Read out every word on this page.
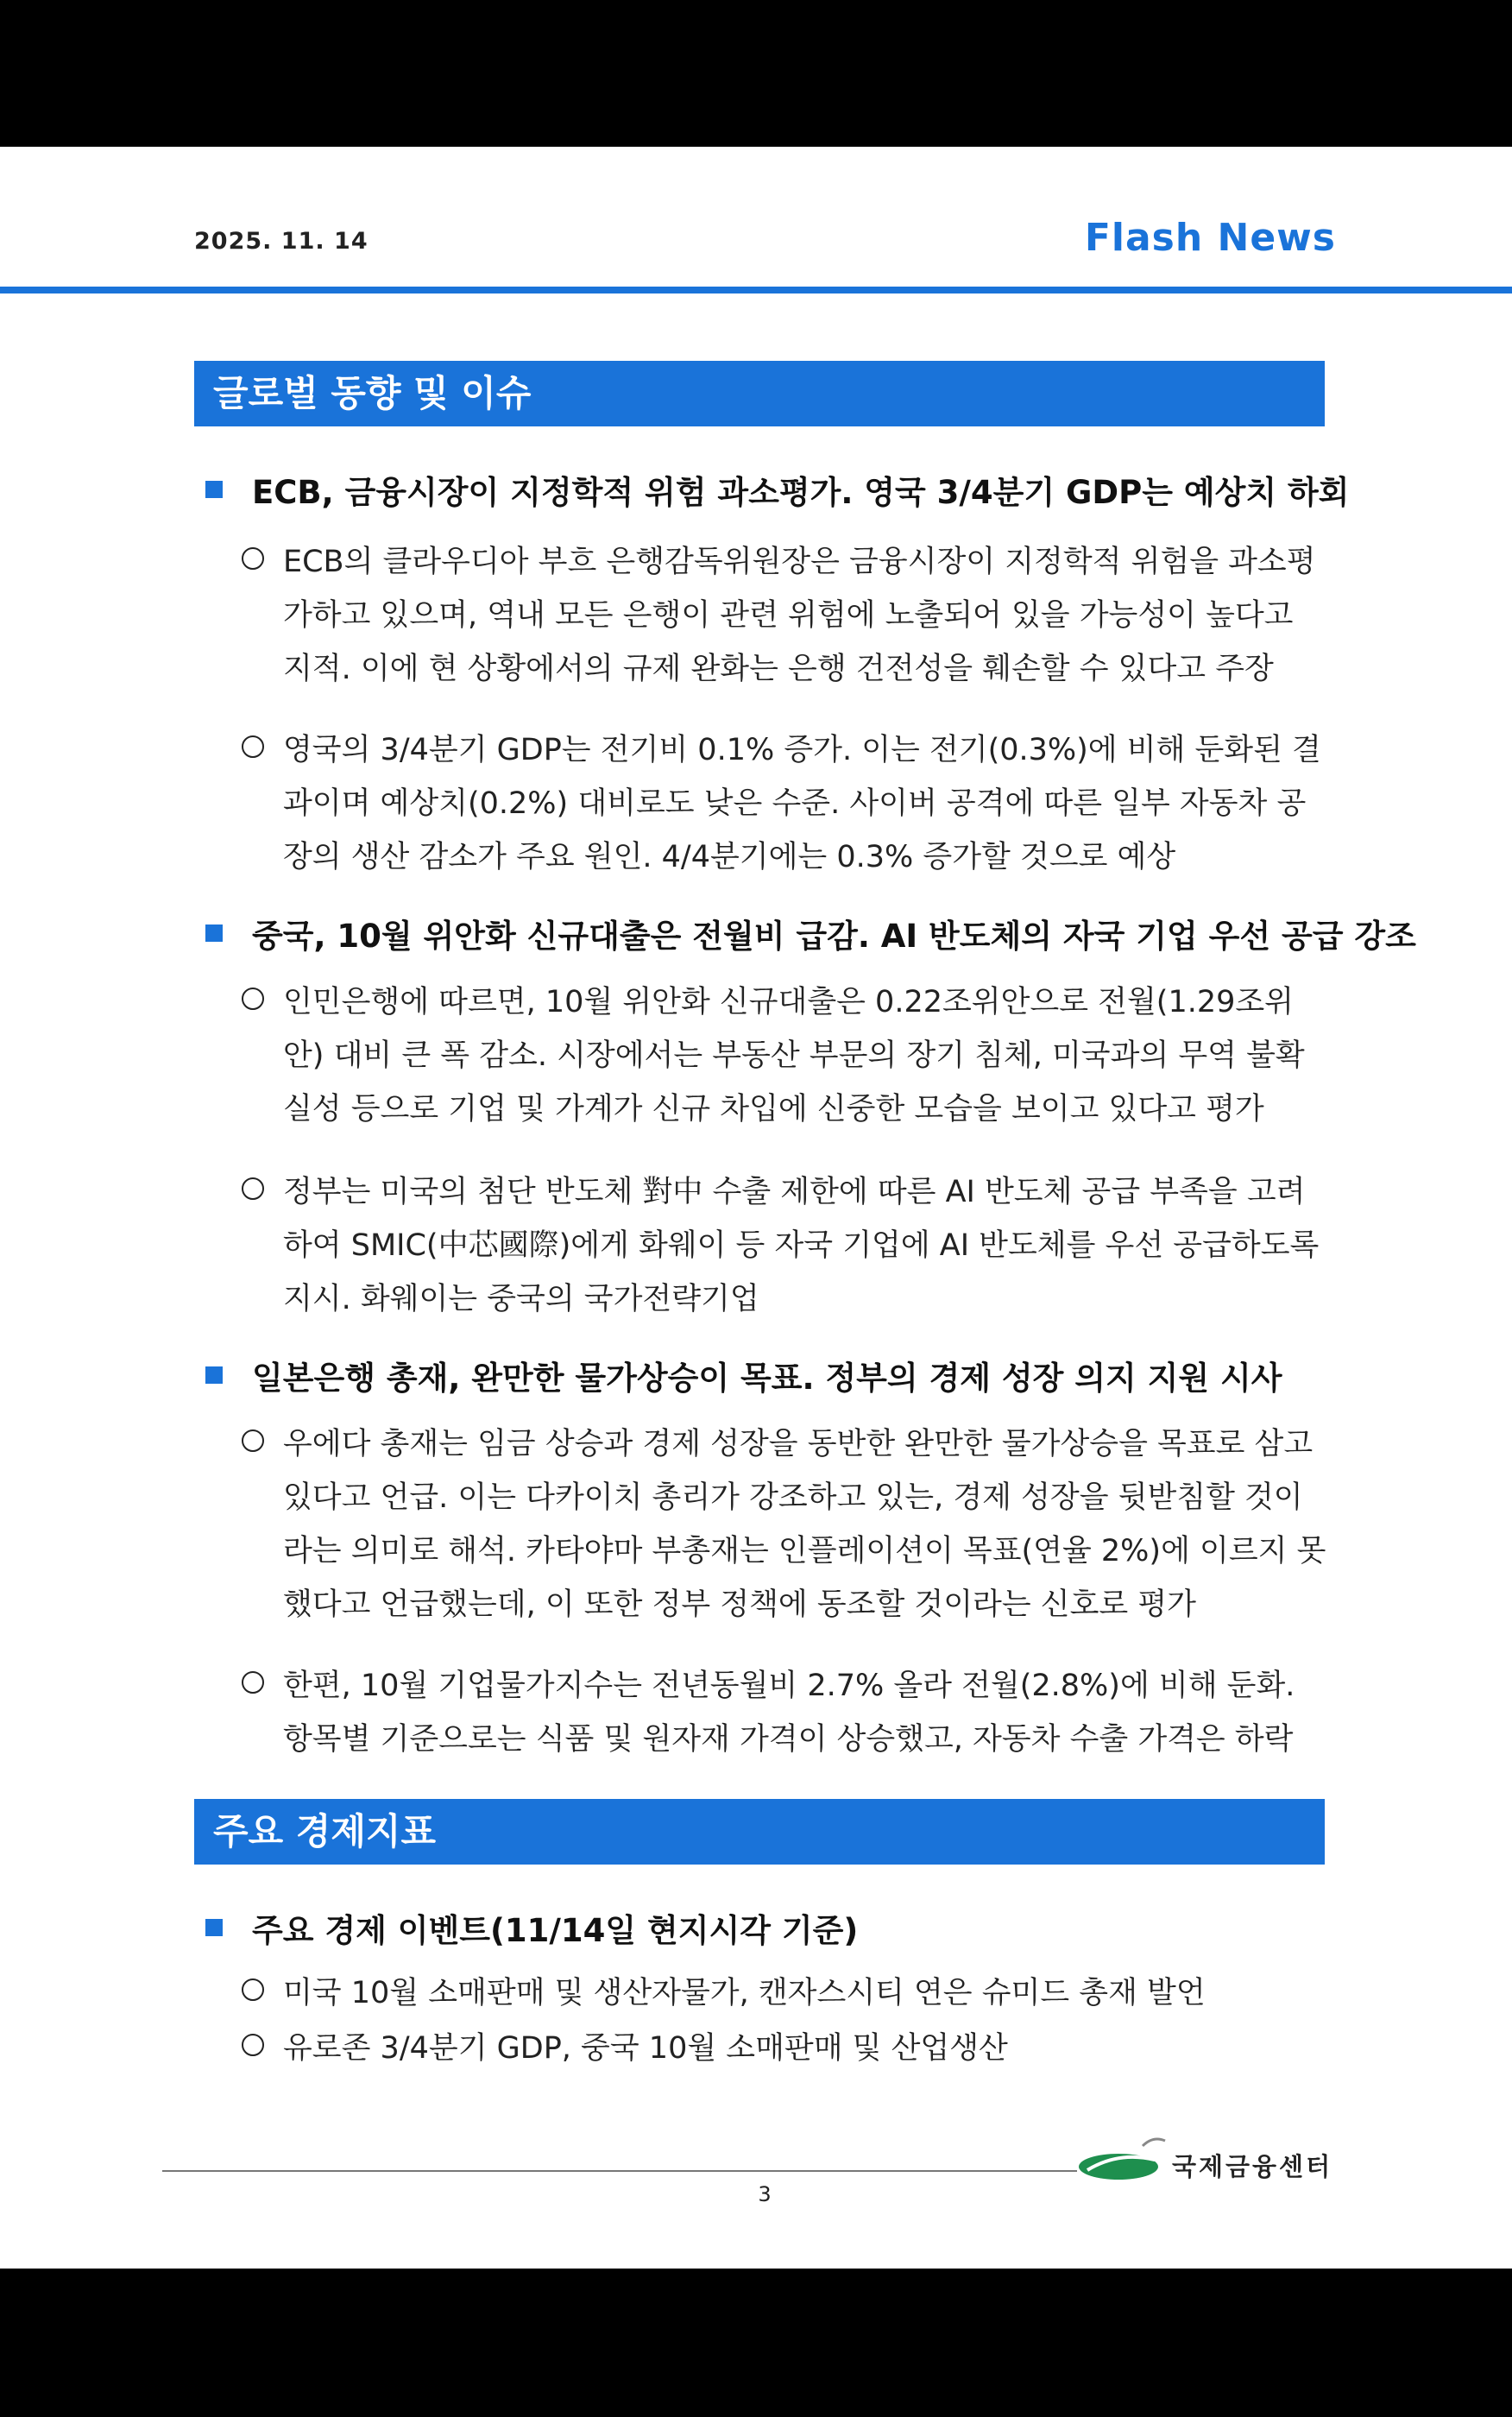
2025. 11. 14	Flash News
글로벌 동향 및 이슈
ECB, 금융시장이 지정학적 위험 과소평가. 영국 3/4분기 GDP는 예상치 하회
ECB의 클라우디아 부흐 은행감독위원장은 금융시장이 지정학적 위험을 과소평가하고 있으며, 역내 모든 은행이 관련 위험에 노출되어 있을 가능성이 높다고 지적. 이에 현 상황에서의 규제 완화는 은행 건전성을 훼손할 수 있다고 주장
영국의 3/4분기 GDP는 전기비 0.1% 증가. 이는 전기(0.3%)에 비해 둔화된 결과이며 예상치(0.2%) 대비로도 낮은 수준. 사이버 공격에 따른 일부 자동차 공장의 생산 감소가 주요 원인. 4/4분기에는 0.3% 증가할 것으로 예상
중국, 10월 위안화 신규대출은 전월비 급감. AI 반도체의 자국 기업 우선 공급 강조
인민은행에 따르면, 10월 위안화 신규대출은 0.22조위안으로 전월(1.29조위안) 대비 큰 폭 감소. 시장에서는 부동산 부문의 장기 침체, 미국과의 무역 불확실성 등으로 기업 및 가계가 신규 차입에 신중한 모습을 보이고 있다고 평가
정부는 미국의 첨단 반도체 對中 수출 제한에 따른 AI 반도체 공급 부족을 고려하여 SMIC(中芯國際)에게 화웨이 등 자국 기업에 AI 반도체를 우선 공급하도록 지시. 화웨이는 중국의 국가전략기업
일본은행 총재, 완만한 물가상승이 목표. 정부의 경제 성장 의지 지원 시사
우에다 총재는 임금 상승과 경제 성장을 동반한 완만한 물가상승을 목표로 삼고 있다고 언급. 이는 다카이치 총리가 강조하고 있는, 경제 성장을 뒷받침할 것이라는 의미로 해석. 카타야마 부총재는 인플레이션이 목표(연율 2%)에 이르지 못했다고 언급했는데, 이 또한 정부 정책에 동조할 것이라는 신호로 평가
한편, 10월 기업물가지수는 전년동월비 2.7% 올라 전월(2.8%)에 비해 둔화. 항목별 기준으로는 식품 및 원자재 가격이 상승했고, 자동차 수출 가격은 하락
주요 경제지표
주요 경제 이벤트(11/14일 현지시각 기준)
미국 10월 소매판매 및 생산자물가, 캔자스시티 연은 슈미드 총재 발언
유로존 3/4분기 GDP, 중국 10월 소매판매 및 산업생산
국제금융센터
3
